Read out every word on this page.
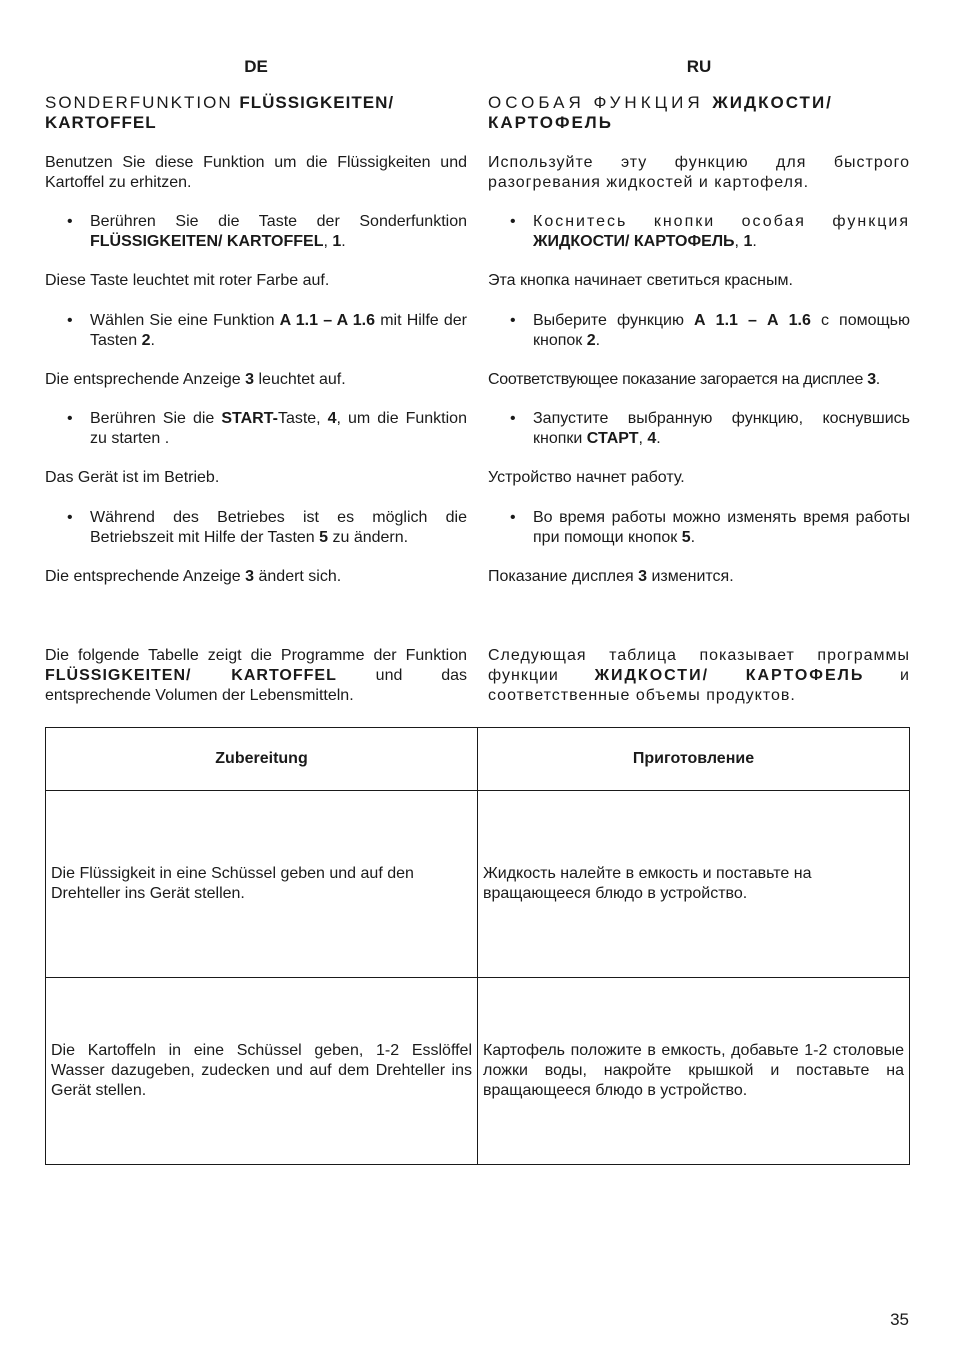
DE
SONDERFUNKTION FLÜSSIGKEITEN/ KARTOFFEL

Benutzen Sie diese Funktion um die Flüssigkeiten und Kartoffel zu erhitzen.

• Berühren Sie die Taste der Sonderfunktion FLÜSSIGKEITEN/ KARTOFFEL, 1.

Diese Taste leuchtet mit roter Farbe auf.

• Wählen Sie eine Funktion A 1.1 – A 1.6 mit Hilfe der Tasten 2.

Die entsprechende Anzeige 3 leuchtet auf.

• Berühren Sie die START-Taste, 4, um die Funktion zu starten .

Das Gerät ist im Betrieb.

• Während des Betriebes ist es möglich die Betriebszeit mit Hilfe der Tasten 5 zu ändern.

Die entsprechende Anzeige 3 ändert sich.

Die folgende Tabelle zeigt die Programme der Funktion FLÜSSIGKEITEN/ KARTOFFEL und das entsprechende Volumen der Lebensmitteln.

RU
ОСОБАЯ ФУНКЦИЯ ЖИДКОСТИ/ КАРТОФЕЛЬ

Используйте эту функцию для быстрого разогревания жидкостей и картофеля.

• Коснитесь кнопки особая функция ЖИДКОСТИ/ КАРТОФЕЛЬ, 1.

Эта кнопка начинает светиться красным.

• Выберите функцию А 1.1 – А 1.6 с помощью кнопок 2.

Соответствующее показание загорается на дисплее 3.

• Запустите выбранную функцию, коснувшись кнопки СТАРТ, 4.

Устройство начнет работу.

• Во время работы можно изменять время работы при помощи кнопок 5.

Показание дисплея 3 изменится.

Следующая таблица показывает программы функции ЖИДКОСТИ/ КАРТОФЕЛЬ и соответственные объемы продуктов.

Zubereitung	Приготовление
Die Flüssigkeit in eine Schüssel geben und auf den Drehteller ins Gerät stellen.	Жидкость налейте в емкость и поставьте на вращающееся блюдо в устройство.
Die Kartoffeln in eine Schüssel geben, 1-2 Esslöffel Wasser dazugeben, zudecken und auf dem Drehteller ins Gerät stellen.	Картофель положите в емкость, добавьте 1-2 столовые ложки воды, накройте крышкой и поставьте на вращающееся блюдо в устройство.
35
